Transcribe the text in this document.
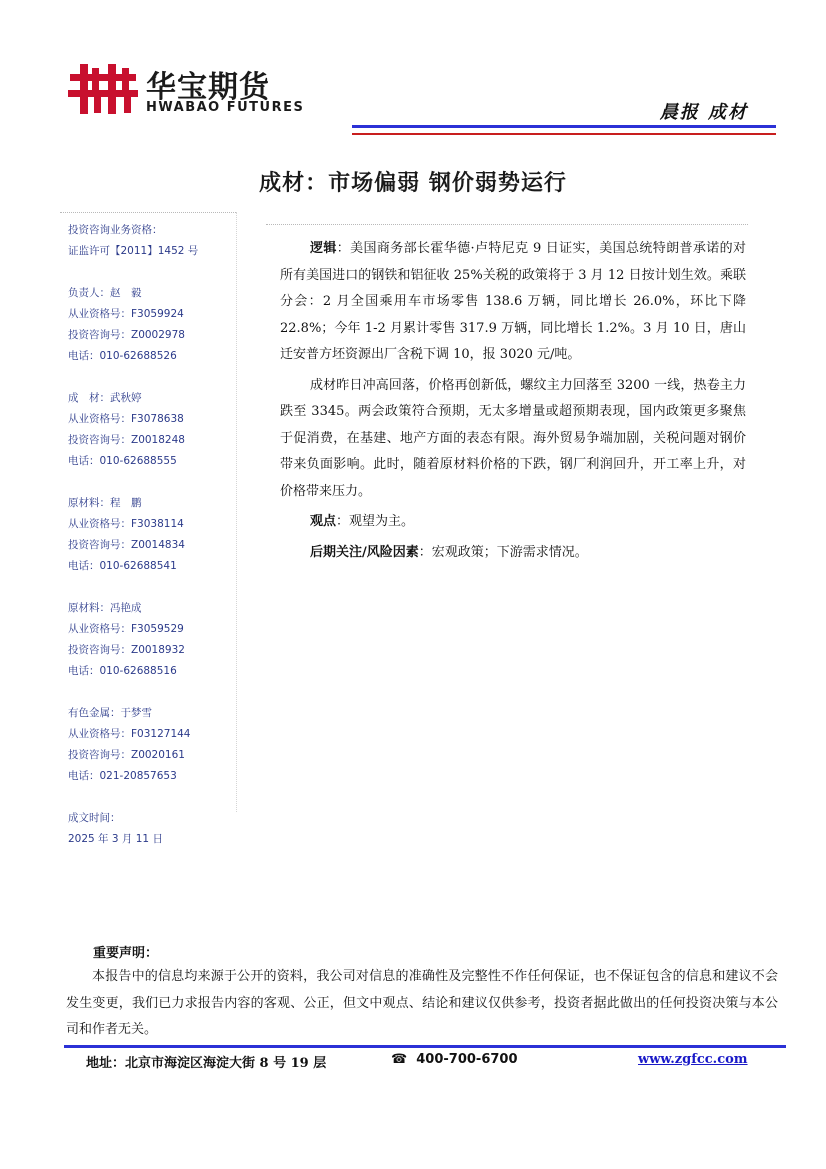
华宝期货
HWABAO FUTURES	晨报 成材
成材：市场偏弱 钢价弱势运行
投资咨询业务资格：
证监许可【2011】1452 号
负责人：赵　毅
从业资格号：F3059924
投资咨询号：Z0002978
电话：010-62688526
成　材：武秋婷
从业资格号：F3078638
投资咨询号：Z0018248
电话：010-62688555
原材料：程　鹏
从业资格号：F3038114
投资咨询号：Z0014834
电话：010-62688541
原材料：冯艳成
从业资格号：F3059529
投资咨询号：Z0018932
电话：010-62688516
有色金属：于梦雪
从业资格号：F03127144
投资咨询号：Z0020161
电话：021-20857653
成文时间：
2025 年 3 月 11 日

逻辑：美国商务部长霍华德·卢特尼克 9 日证实，美国总统特朗普承诺的对所有美国进口的钢铁和铝征收 25%关税的政策将于 3 月 12 日按计划生效。乘联分会：2 月全国乘用车市场零售 138.6 万辆，同比增长 26.0%，环比下降 22.8%；今年 1-2 月累计零售 317.9 万辆，同比增长 1.2%。3 月 10 日，唐山迁安普方坯资源出厂含税下调 10，报 3020 元/吨。

成材昨日冲高回落，价格再创新低，螺纹主力回落至 3200 一线，热卷主力跌至 3345。两会政策符合预期，无太多增量或超预期表现，国内政策更多聚焦于促消费，在基建、地产方面的表态有限。海外贸易争端加剧，关税问题对钢价带来负面影响。此时，随着原材料价格的下跌，钢厂利润回升，开工率上升，对价格带来压力。

观点：观望为主。

后期关注/风险因素：宏观政策；下游需求情况。

重要声明：
本报告中的信息均来源于公开的资料，我公司对信息的准确性及完整性不作任何保证，也不保证包含的信息和建议不会发生变更，我们已力求报告内容的客观、公正，但文中观点、结论和建议仅供参考，投资者据此做出的任何投资决策与本公司和作者无关。
地址：北京市海淀区海淀大街 8 号 19 层	☎ 400-700-6700	www.zgfcc.com
